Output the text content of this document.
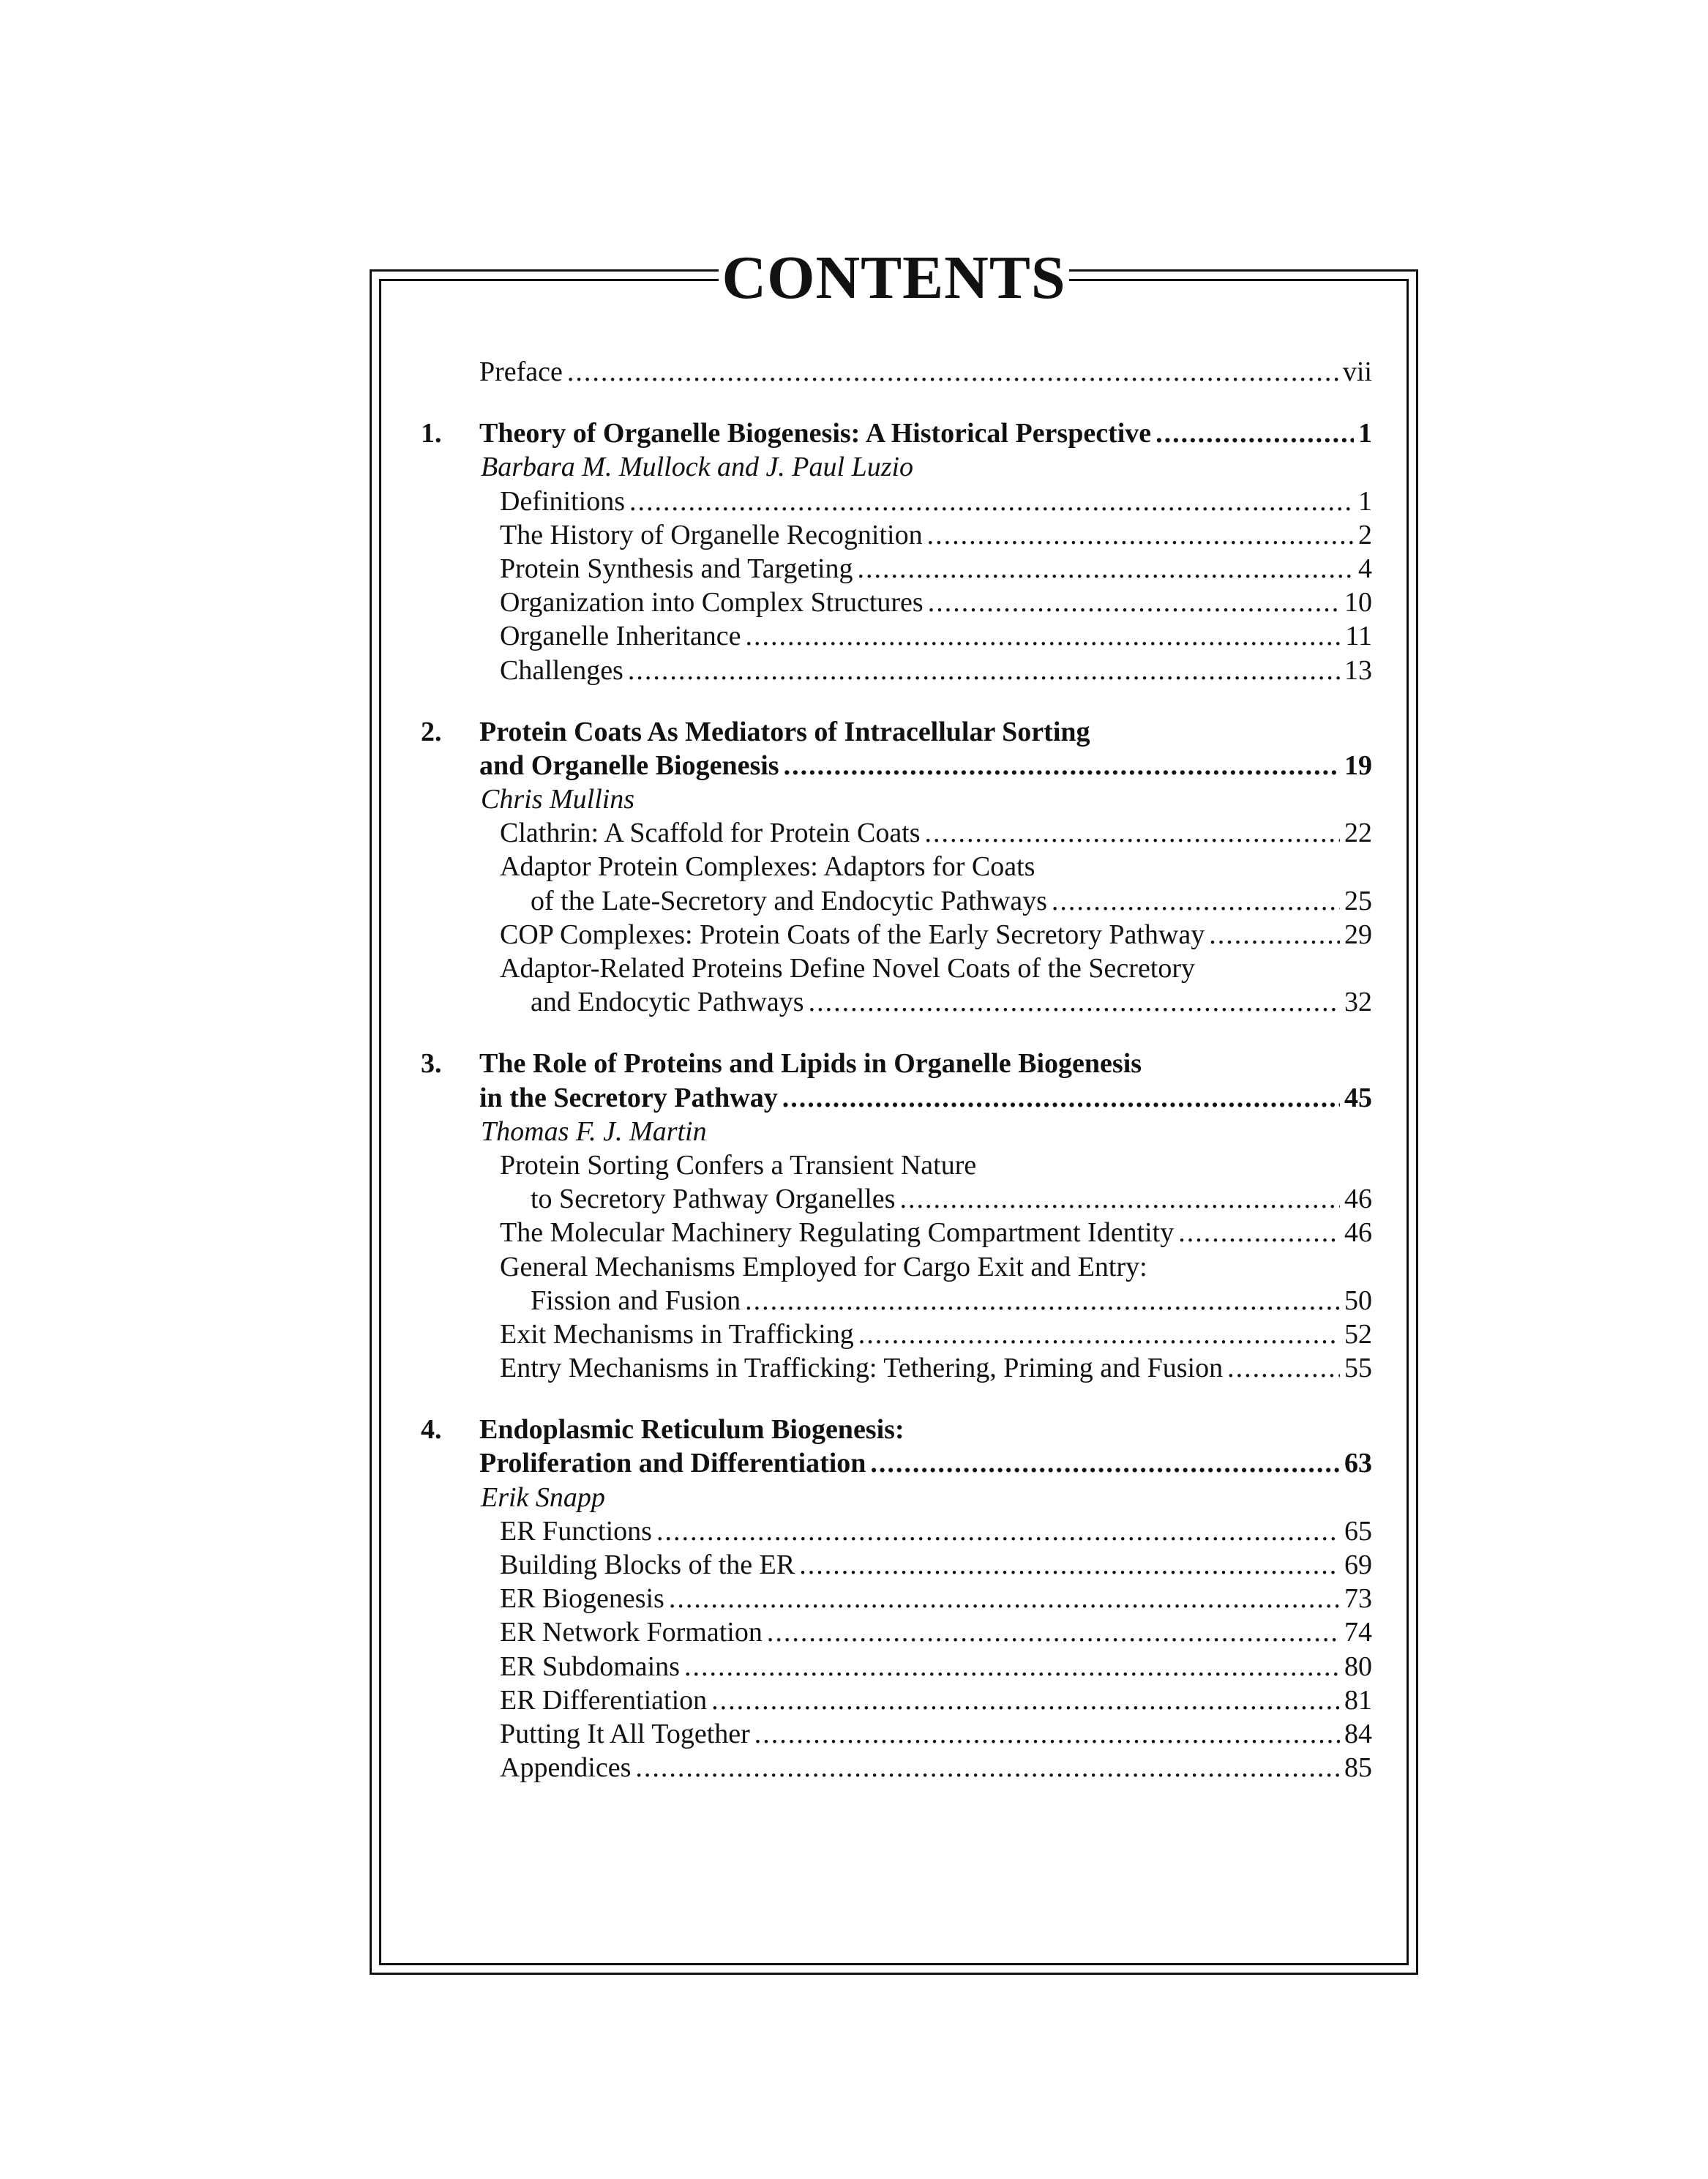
CONTENTS
Preface .....	vii
1. Theory of Organelle Biogenesis: A Historical Perspective .....	1
Barbara M. Mullock and J. Paul Luzio
Definitions .....	1
The History of Organelle Recognition .....	2
Protein Synthesis and Targeting .....	4
Organization into Complex Structures .....	10
Organelle Inheritance .....	11
Challenges .....	13
2. Protein Coats As Mediators of Intracellular Sorting
and Organelle Biogenesis .....	19
Chris Mullins
Clathrin: A Scaffold for Protein Coats .....	22
Adaptor Protein Complexes: Adaptors for Coats
of the Late-Secretory and Endocytic Pathways .....	25
COP Complexes: Protein Coats of the Early Secretory Pathway .....	29
Adaptor-Related Proteins Define Novel Coats of the Secretory
and Endocytic Pathways .....	32
3. The Role of Proteins and Lipids in Organelle Biogenesis
in the Secretory Pathway .....	45
Thomas F. J. Martin
Protein Sorting Confers a Transient Nature
to Secretory Pathway Organelles .....	46
The Molecular Machinery Regulating Compartment Identity .....	46
General Mechanisms Employed for Cargo Exit and Entry:
Fission and Fusion .....	50
Exit Mechanisms in Trafficking .....	52
Entry Mechanisms in Trafficking: Tethering, Priming and Fusion .....	55
4. Endoplasmic Reticulum Biogenesis:
Proliferation and Differentiation .....	63
Erik Snapp
ER Functions .....	65
Building Blocks of the ER .....	69
ER Biogenesis .....	73
ER Network Formation .....	74
ER Subdomains .....	80
ER Differentiation .....	81
Putting It All Together .....	84
Appendices .....	85
